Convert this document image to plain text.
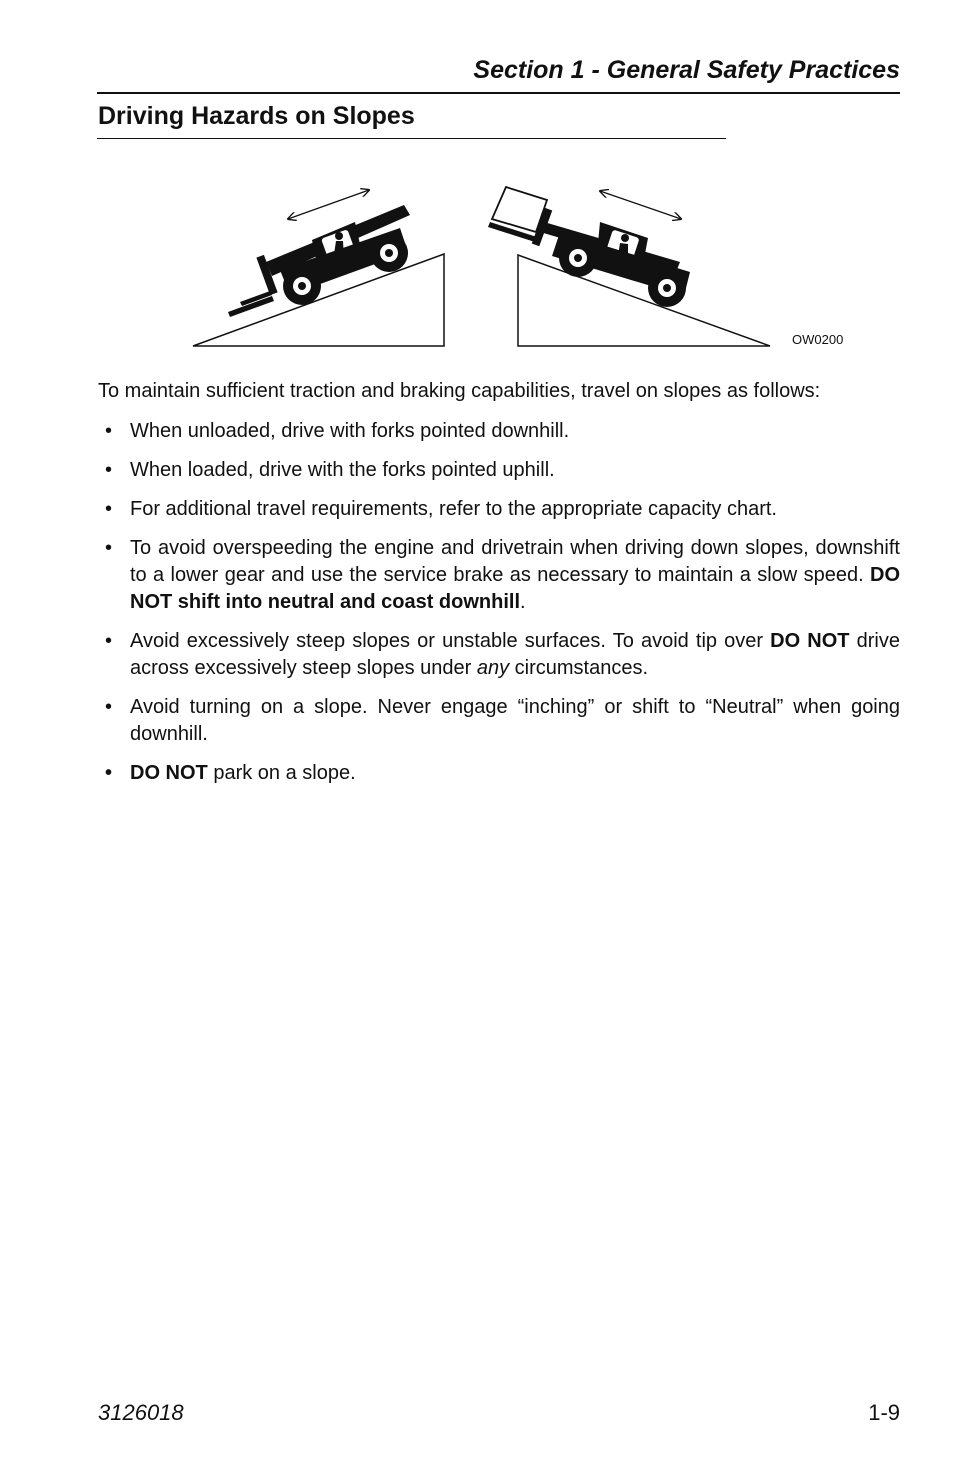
Section 1 - General Safety Practices
Driving Hazards on Slopes
OW0200

To maintain sufficient traction and braking capabilities, travel on slopes as follows:

• When unloaded, drive with forks pointed downhill.
• When loaded, drive with the forks pointed uphill.
• For additional travel requirements, refer to the appropriate capacity chart.
• To avoid overspeeding the engine and drivetrain when driving down slopes, downshift to a lower gear and use the service brake as necessary to maintain a slow speed. DO NOT shift into neutral and coast downhill.
• Avoid excessively steep slopes or unstable surfaces. To avoid tip over DO NOT drive across excessively steep slopes under any circumstances.
• Avoid turning on a slope. Never engage “inching” or shift to “Neutral” when going downhill.
• DO NOT park on a slope.
3126018	1-9
